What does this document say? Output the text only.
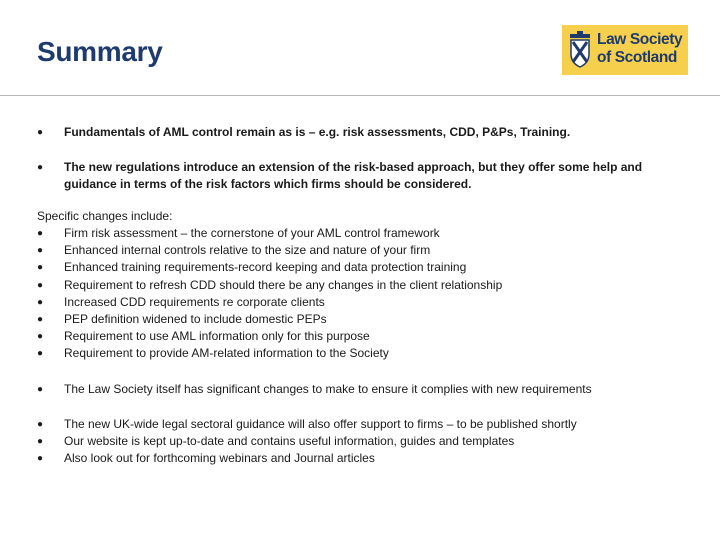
Summary	Law Society
of Scotland
●	Fundamentals of AML control remain as is – e.g. risk assessments, CDD, P&Ps, Training.
●	The new regulations introduce an extension of the risk-based approach, but they offer some help and guidance in terms of the risk factors which firms should be considered.
Specific changes include:
●	Firm risk assessment – the cornerstone of your AML control framework
●	Enhanced internal controls relative to the size and nature of your firm
●	Enhanced training requirements-record keeping and data protection training
●	Requirement to refresh CDD should there be any changes in the client relationship
●	Increased CDD requirements re corporate clients
●	PEP definition widened to include domestic PEPs
●	Requirement to use AML information only for this purpose
●	Requirement to provide AM-related information to the Society
●	The Law Society itself has significant changes to make to ensure it complies with new requirements
●	The new UK-wide legal sectoral guidance will also offer support to firms – to be published shortly
●	Our website is kept up-to-date and contains useful information, guides and templates
●	Also look out for forthcoming webinars and Journal articles
